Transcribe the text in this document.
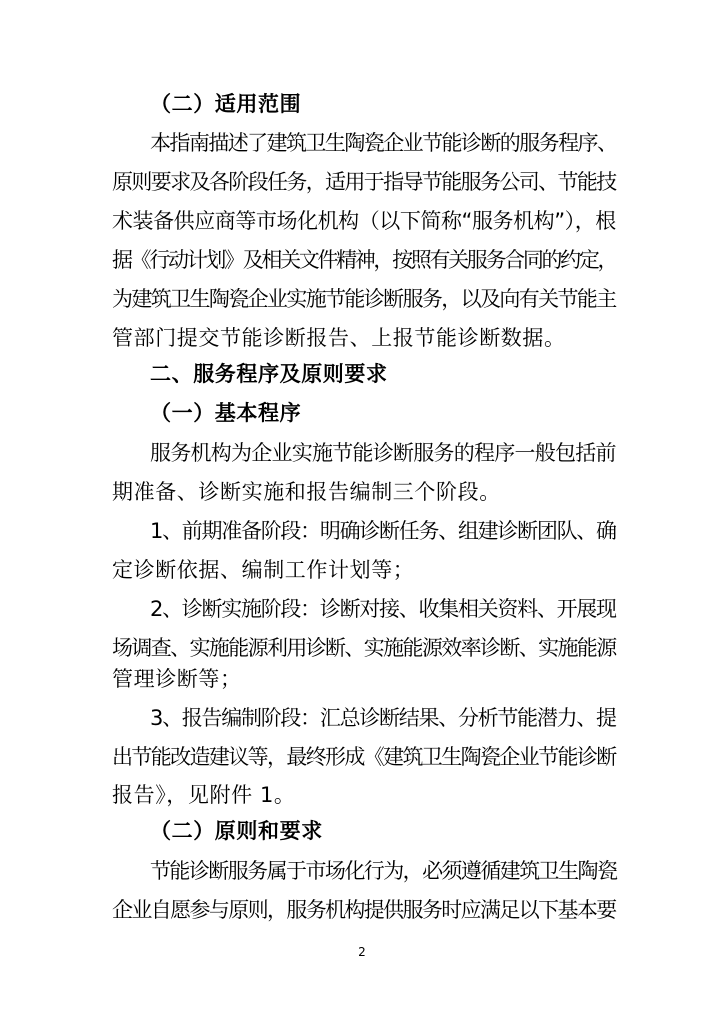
（二）适用范围
本指南描述了建筑卫生陶瓷企业节能诊断的服务程序、
原则要求及各阶段任务，适用于指导节能服务公司、节能技
术装备供应商等市场化机构（以下简称“服务机构”），根
据《行动计划》及相关文件精神，按照有关服务合同的约定，
为建筑卫生陶瓷企业实施节能诊断服务，以及向有关节能主
管部门提交节能诊断报告、上报节能诊断数据。
二、服务程序及原则要求
（一）基本程序
服务机构为企业实施节能诊断服务的程序一般包括前
期准备、诊断实施和报告编制三个阶段。
1、前期准备阶段：明确诊断任务、组建诊断团队、确
定诊断依据、编制工作计划等；
2、诊断实施阶段：诊断对接、收集相关资料、开展现
场调查、实施能源利用诊断、实施能源效率诊断、实施能源
管理诊断等；
3、报告编制阶段：汇总诊断结果、分析节能潜力、提
出节能改造建议等，最终形成《建筑卫生陶瓷企业节能诊断
报告》，见附件 1。
（二）原则和要求
节能诊断服务属于市场化行为，必须遵循建筑卫生陶瓷
企业自愿参与原则，服务机构提供服务时应满足以下基本要
2
